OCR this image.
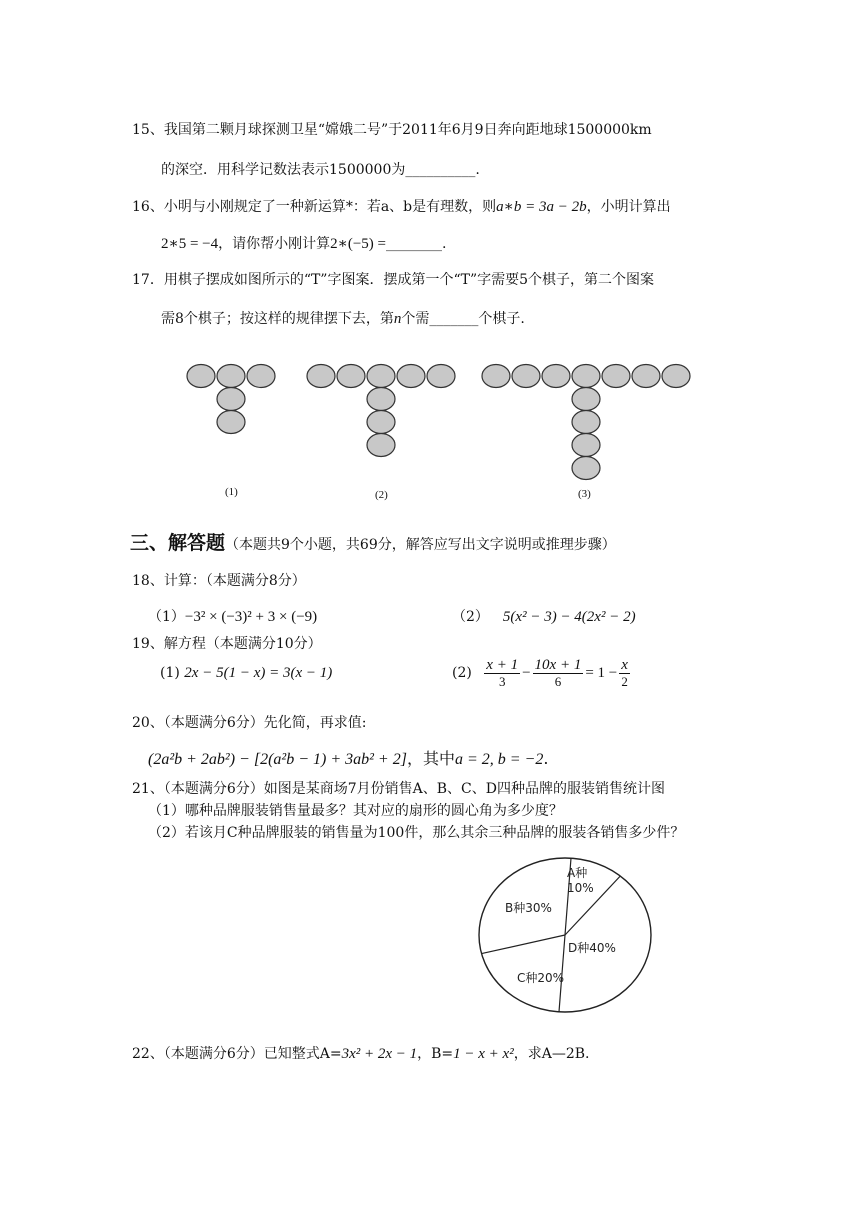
15、我国第二颗月球探测卫星“嫦娥二号”于2011年6月9日奔向距地球1500000km
的深空．用科学记数法表示1500000为__________.
16、小明与小刚规定了一种新运算*：若a、b是有理数，则a∗b = 3a − 2b，小明计算出
2∗5 = −4，请你帮小刚计算2∗(−5) =________.
17．用棋子摆成如图所示的“T”字图案．摆成第一个“T”字需要5个棋子，第二个图案
需8个棋子；按这样的规律摆下去，第n个需_______个棋子.
(1)	(2)	(3)
三、解答题（本题共9个小题，共69分，解答应写出文字说明或推理步骤）
18、计算：（本题满分8分）
（1）−3² × (−3)² + 3 × (−9)	（2） 5(x² − 3) − 4(2x² − 2)
19、解方程（本题满分10分）
(1) 2x − 5(1 − x) = 3(x − 1)	$(2) \frac{x + 1}{3} - \frac{10x + 1}{6} = 1 - \frac{x}{2}$
20、（本题满分6分）先化简，再求值:
(2a²b + 2ab²) − [2(a²b − 1) + 3ab² + 2]，其中a = 2, b = −2.
21、（本题满分6分）如图是某商场7月份销售A、B、C、D四种品牌的服装销售统计图
（1）哪种品牌服装销售量最多？其对应的扇形的圆心角为多少度？
（2）若该月C种品牌服装的销售量为100件，那么其余三种品牌的服装各销售多少件？
A种
10%
D种40%
C种20%
B种30%
22、（本题满分6分）已知整式A=3x² + 2x − 1，B=1 − x + x²，求A—2B.
